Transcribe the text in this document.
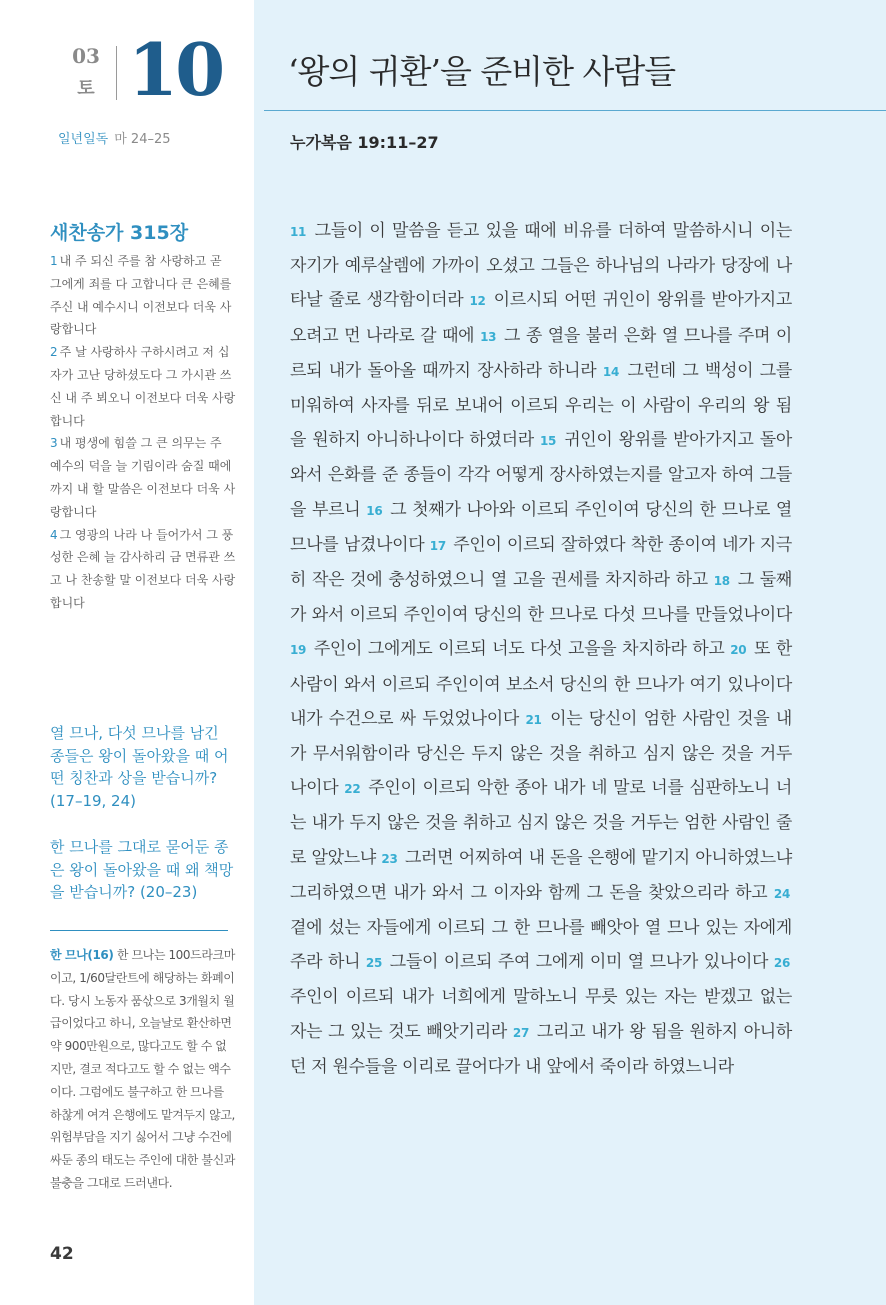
03
토 10
일년일독 마 24–25
새찬송가 315장
1 내 주 되신 주를 참 사랑하고 곧 그에게 죄를 다 고합니다 큰 은혜를 주신 내 예수시니 이전보다 더욱 사랑합니다
2 주 날 사랑하사 구하시려고 저 십자가 고난 당하셨도다 그 가시관 쓰신 내 주 뵈오니 이전보다 더욱 사랑합니다
3 내 평생에 힘쓸 그 큰 의무는 주 예수의 덕을 늘 기림이라 숨질 때에까지 내 할 말씀은 이전보다 더욱 사랑합니다
4 그 영광의 나라 나 들어가서 그 풍성한 은혜 늘 감사하리 금 면류관 쓰고 나 찬송할 말 이전보다 더욱 사랑합니다
열 므나, 다섯 므나를 남긴 종들은 왕이 돌아왔을 때 어떤 칭찬과 상을 받습니까? (17–19, 24)
한 므나를 그대로 묻어둔 종은 왕이 돌아왔을 때 왜 책망을 받습니까? (20–23)
한 므나(16) 한 므나는 100드라크마이고, 1/60달란트에 해당하는 화폐이다. 당시 노동자 품삯으로 3개월치 월급이었다고 하니, 오늘날로 환산하면 약 900만원으로, 많다고도 할 수 없지만, 결코 적다고도 할 수 없는 액수이다. 그럼에도 불구하고 한 므나를 하찮게 여겨 은행에도 맡겨두지 않고, 위험부담을 지기 싫어서 그냥 수건에 싸둔 종의 태도는 주인에 대한 불신과 불충을 그대로 드러낸다.
42
‘왕의 귀환’을 준비한 사람들
누가복음 19:11–27
11 그들이 이 말씀을 듣고 있을 때에 비유를 더하여 말씀하시니 이는 자기가 예루살렘에 가까이 오셨고 그들은 하나님의 나라가 당장에 나타날 줄로 생각함이더라 12 이르시되 어떤 귀인이 왕위를 받아가지고 오려고 먼 나라로 갈 때에 13 그 종 열을 불러 은화 열 므나를 주며 이르되 내가 돌아올 때까지 장사하라 하니라 14 그런데 그 백성이 그를 미워하여 사자를 뒤로 보내어 이르되 우리는 이 사람이 우리의 왕 됨을 원하지 아니하나이다 하였더라 15 귀인이 왕위를 받아가지고 돌아와서 은화를 준 종들이 각각 어떻게 장사하였는지를 알고자 하여 그들을 부르니 16 그 첫째가 나아와 이르되 주인이여 당신의 한 므나로 열 므나를 남겼나이다 17 주인이 이르되 잘하였다 착한 종이여 네가 지극히 작은 것에 충성하였으니 열 고을 권세를 차지하라 하고 18 그 둘째가 와서 이르되 주인이여 당신의 한 므나로 다섯 므나를 만들었나이다 19 주인이 그에게도 이르되 너도 다섯 고을을 차지하라 하고 20 또 한 사람이 와서 이르되 주인이여 보소서 당신의 한 므나가 여기 있나이다 내가 수건으로 싸 두었었나이다 21 이는 당신이 엄한 사람인 것을 내가 무서워함이라 당신은 두지 않은 것을 취하고 심지 않은 것을 거두나이다 22 주인이 이르되 악한 종아 내가 네 말로 너를 심판하노니 너는 내가 두지 않은 것을 취하고 심지 않은 것을 거두는 엄한 사람인 줄로 알았느냐 23 그러면 어찌하여 내 돈을 은행에 맡기지 아니하였느냐 그리하였으면 내가 와서 그 이자와 함께 그 돈을 찾았으리라 하고 24 곁에 섰는 자들에게 이르되 그 한 므나를 빼앗아 열 므나 있는 자에게 주라 하니 25 그들이 이르되 주여 그에게 이미 열 므나가 있나이다 26 주인이 이르되 내가 너희에게 말하노니 무릇 있는 자는 받겠고 없는 자는 그 있는 것도 빼앗기리라 27 그리고 내가 왕 됨을 원하지 아니하던 저 원수들을 이리로 끌어다가 내 앞에서 죽이라 하였느니라
